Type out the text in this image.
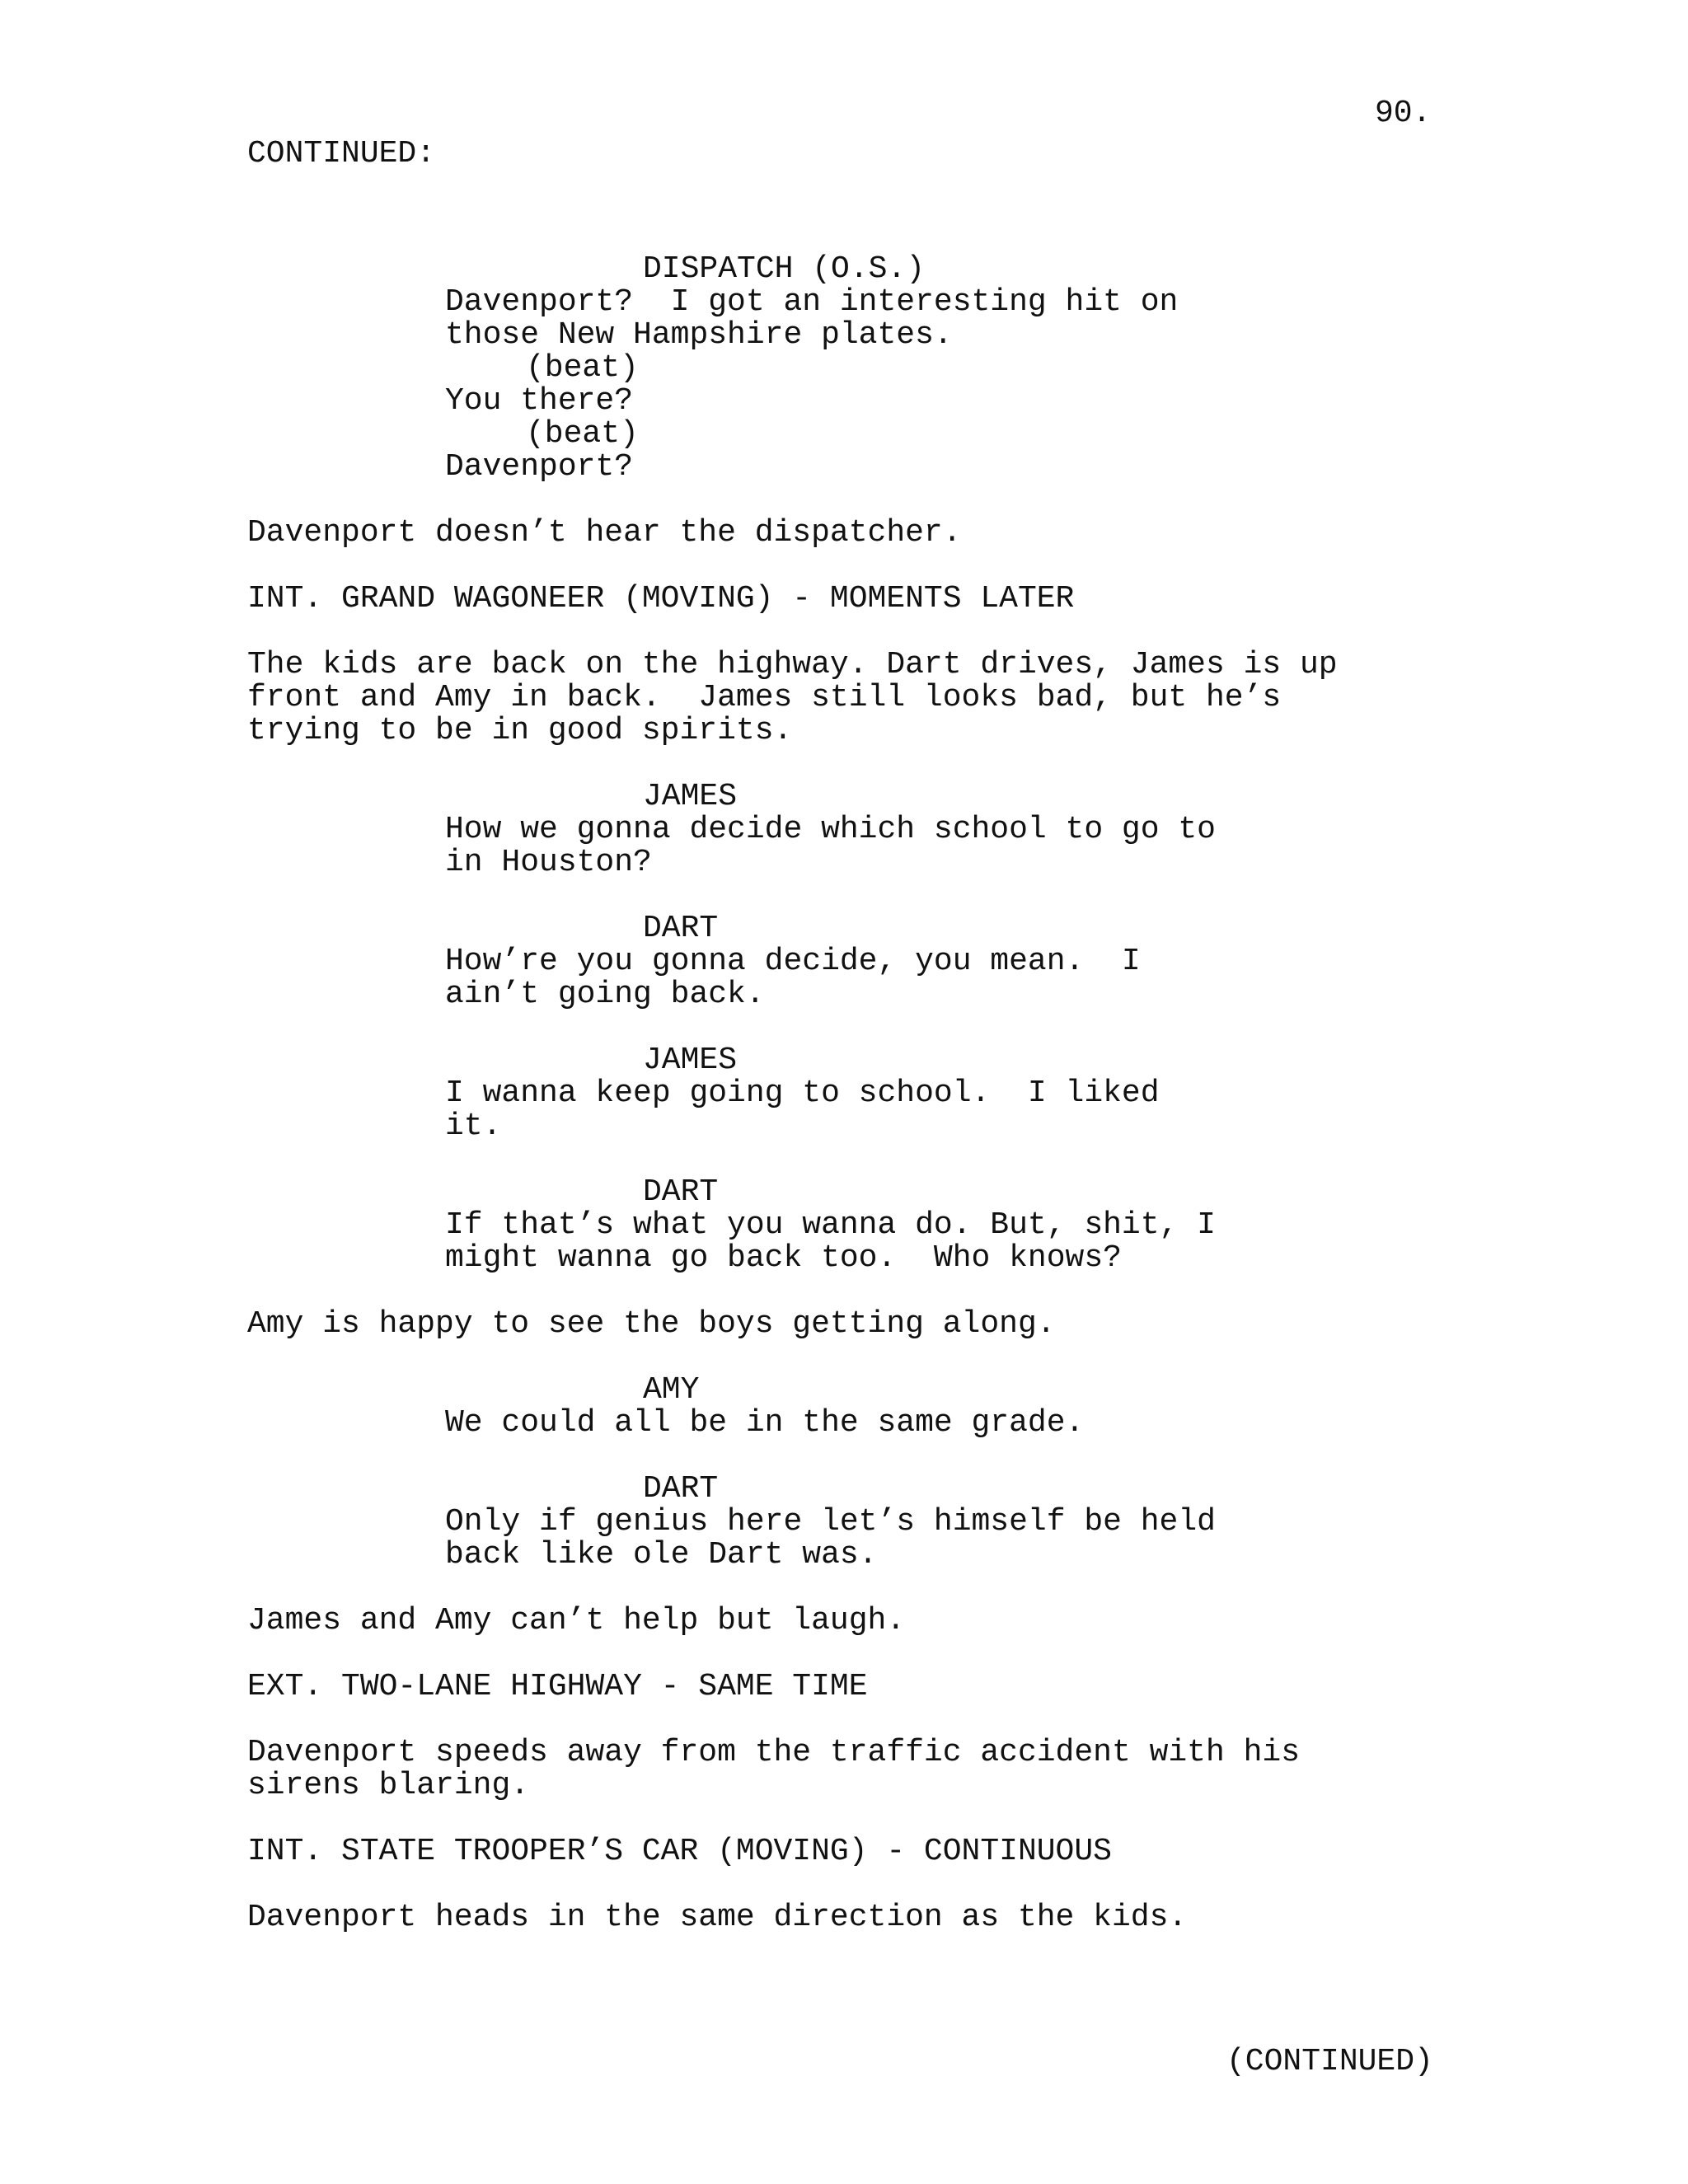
90.
CONTINUED:
DISPATCH (O.S.)
Davenport?  I got an interesting hit on
those New Hampshire plates.
(beat)
You there?
(beat)
Davenport?
Davenport doesn’t hear the dispatcher.
INT. GRAND WAGONEER (MOVING) - MOMENTS LATER
The kids are back on the highway. Dart drives, James is up
front and Amy in back.  James still looks bad, but he’s
trying to be in good spirits.
JAMES
How we gonna decide which school to go to
in Houston?
DART
How’re you gonna decide, you mean.  I
ain’t going back.
JAMES
I wanna keep going to school.  I liked
it.
DART
If that’s what you wanna do. But, shit, I
might wanna go back too.  Who knows?
Amy is happy to see the boys getting along.
AMY
We could all be in the same grade.
DART
Only if genius here let’s himself be held
back like ole Dart was.
James and Amy can’t help but laugh.
EXT. TWO-LANE HIGHWAY - SAME TIME
Davenport speeds away from the traffic accident with his
sirens blaring.
INT. STATE TROOPER’S CAR (MOVING) - CONTINUOUS
Davenport heads in the same direction as the kids.
(CONTINUED)
